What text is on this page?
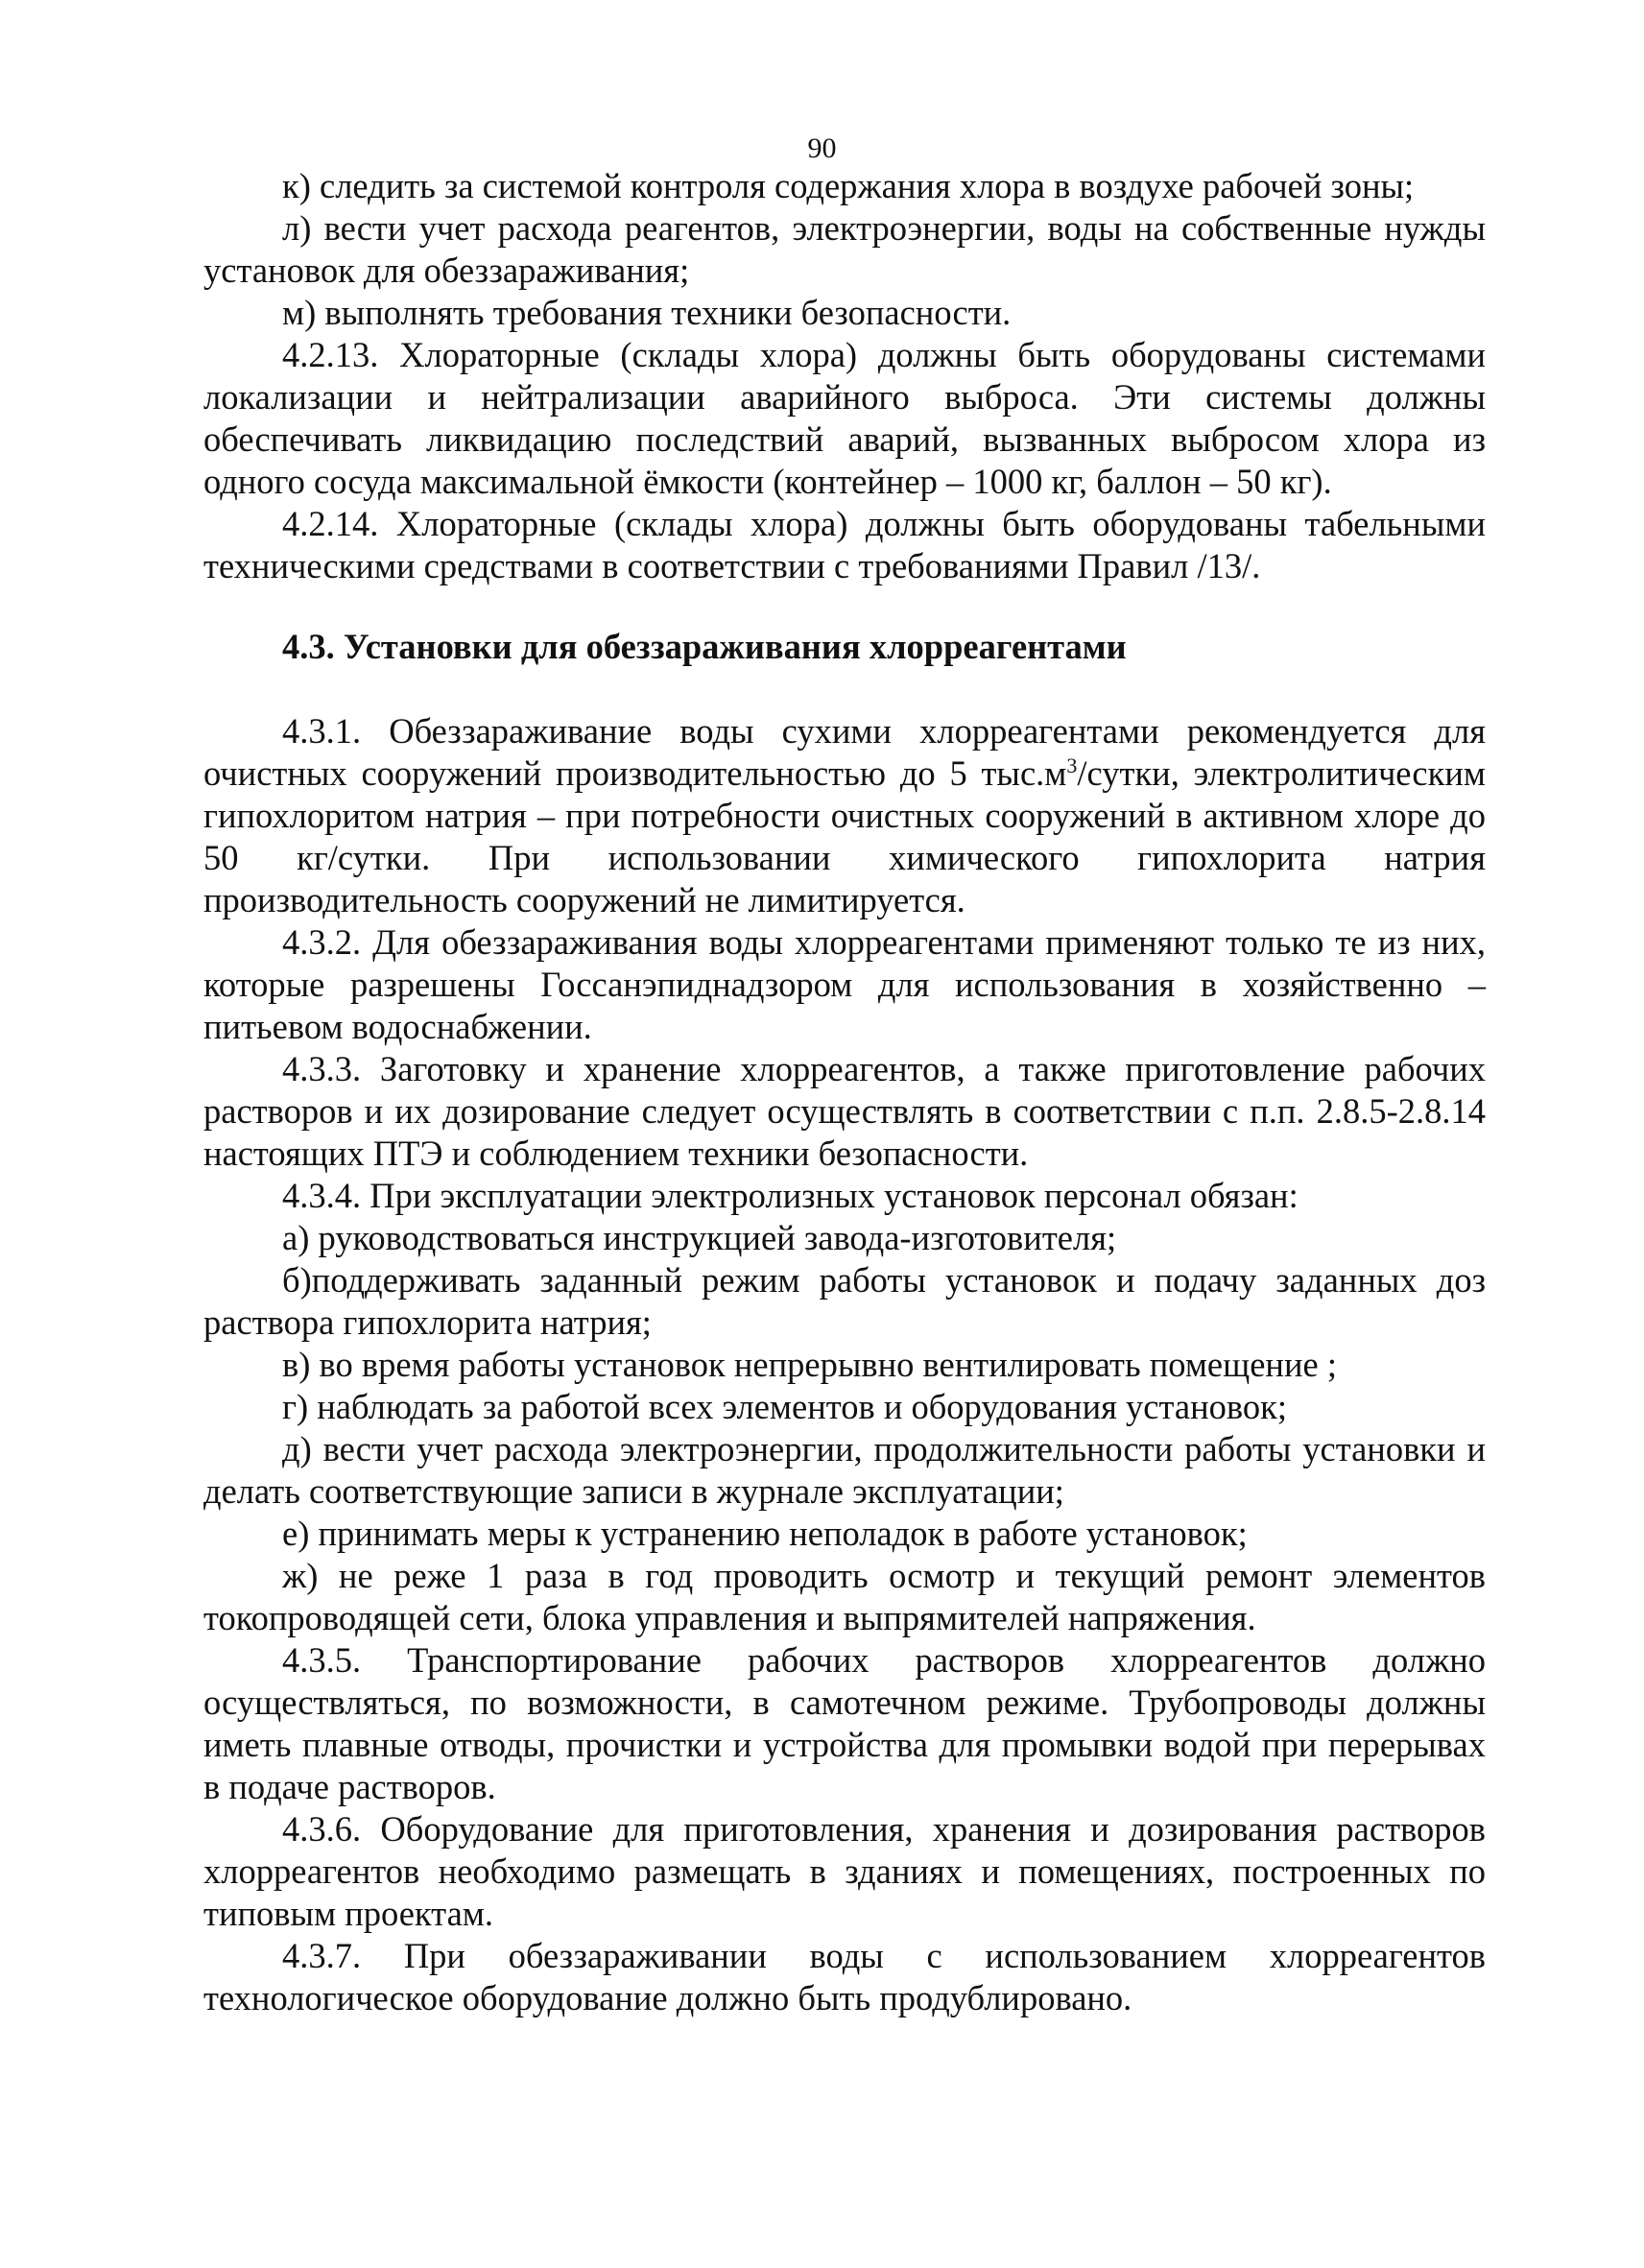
90

к) следить за системой контроля содержания хлора в воздухе рабочей зоны;

л) вести учет расхода реагентов, электроэнергии, воды на собственные нужды установок для обеззараживания;

м) выполнять требования техники безопасности.

4.2.13. Хлораторные (склады хлора) должны быть оборудованы системами локализации и нейтрализации аварийного выброса. Эти системы должны обеспечивать ликвидацию последствий аварий, вызванных выбросом хлора из одного сосуда максимальной ёмкости (контейнер – 1000 кг, баллон – 50 кг).

4.2.14. Хлораторные (склады хлора) должны быть оборудованы табельными техническими средствами в соответствии с требованиями Правил /13/.

4.3. Установки для обеззараживания хлорреагентами

4.3.1. Обеззараживание воды сухими хлорреагентами рекомендуется для очистных сооружений производительностью до 5 $тыс.м^3$/сутки, электролитическим гипохлоритом натрия – при потребности очистных сооружений в активном хлоре до 50 кг/сутки. При использовании химического гипохлорита натрия производительность сооружений не лимитируется.

4.3.2. Для обеззараживания воды хлорреагентами применяют только те из них, которые разрешены Госсанэпиднадзором для использования в хозяйственно – питьевом водоснабжении.

4.3.3. Заготовку и хранение хлорреагентов, а также приготовление рабочих растворов и их дозирование следует осуществлять в соответствии с п.п. 2.8.5-2.8.14 настоящих ПТЭ и соблюдением техники безопасности.

4.3.4. При эксплуатации электролизных установок персонал обязан:

а) руководствоваться инструкцией завода-изготовителя;

б)поддерживать заданный режим работы установок и подачу заданных доз раствора гипохлорита натрия;

в) во время работы установок непрерывно вентилировать помещение ;

г) наблюдать за работой всех элементов и оборудования установок;

д) вести учет расхода электроэнергии, продолжительности работы установки и делать соответствующие записи в журнале эксплуатации;

е) принимать меры к устранению неполадок в работе установок;

ж) не реже 1 раза в год проводить осмотр и текущий ремонт элементов токопроводящей сети, блока управления и выпрямителей напряжения.

4.3.5. Транспортирование рабочих растворов хлорреагентов должно осуществляться, по возможности, в самотечном режиме. Трубопроводы должны иметь плавные отводы, прочистки и устройства для промывки водой при перерывах в подаче растворов.

4.3.6. Оборудование для приготовления, хранения и дозирования растворов хлорреагентов необходимо размещать в зданиях и помещениях, построенных по типовым проектам.

4.3.7. При обеззараживании воды с использованием хлорреагентов технологическое оборудование должно быть продублировано.
